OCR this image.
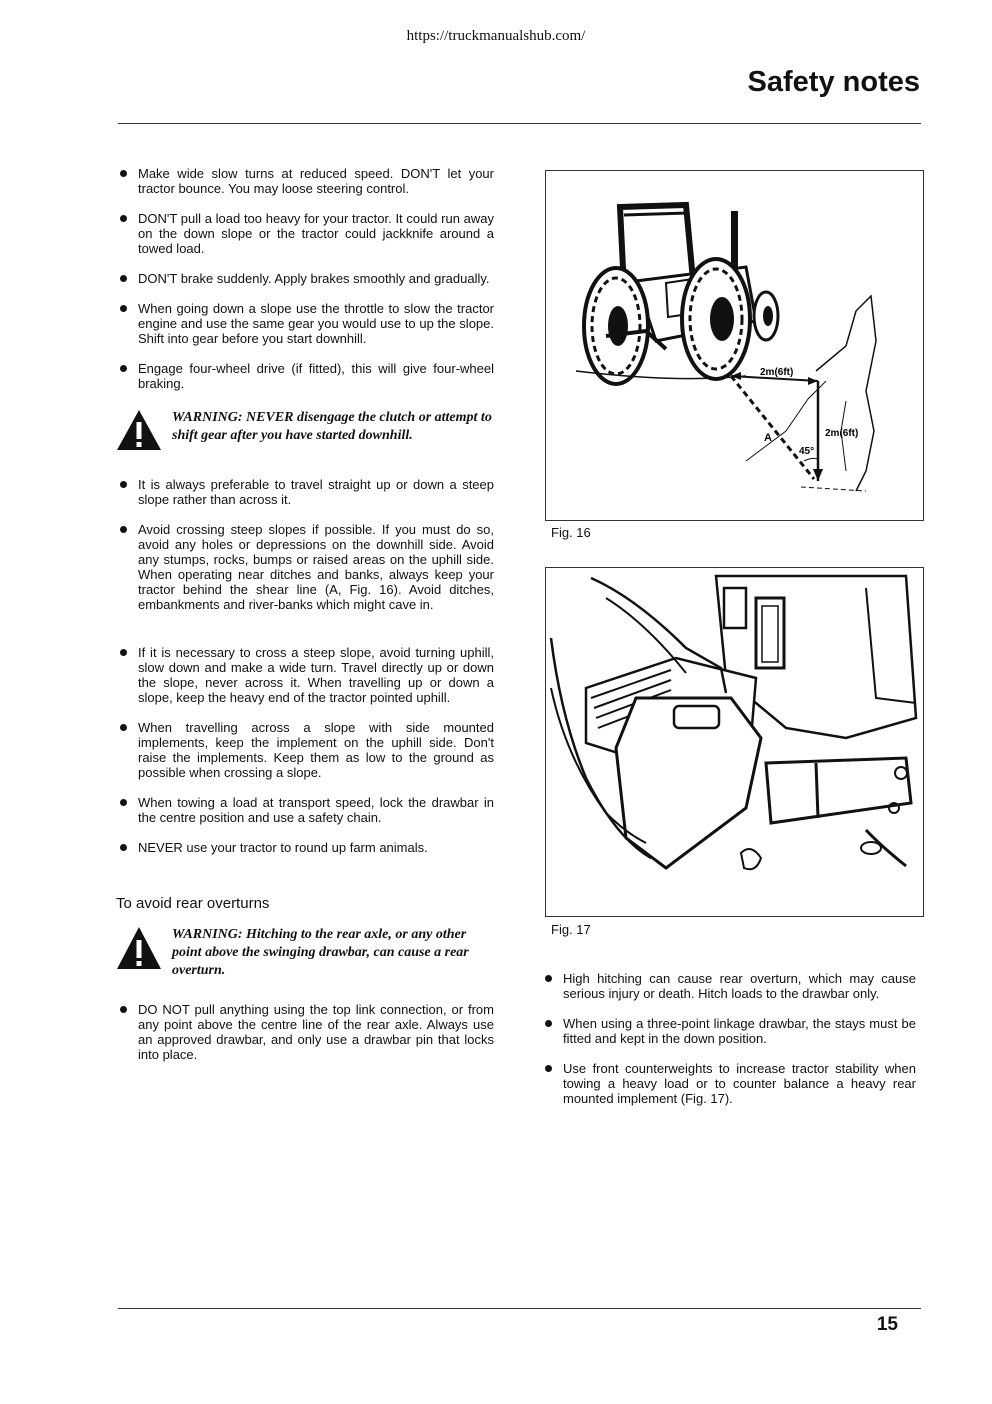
https://truckmanualshub.com/
Safety notes

Make wide slow turns at reduced speed. DON'T let your tractor bounce. You may loose steering control.

DON'T pull a load too heavy for your tractor. It could run away on the down slope or the tractor could jackknife around a towed load.

DON'T brake suddenly. Apply brakes smoothly and gradually.

When going down a slope use the throttle to slow the tractor engine and use the same gear you would use to up the slope. Shift into gear before you start downhill.

Engage four-wheel drive (if fitted), this will give four-wheel braking.

WARNING: NEVER disengage the clutch or attempt to shift gear after you have started downhill.

It is always preferable to travel straight up or down a steep slope rather than across it.

Avoid crossing steep slopes if possible. If you must do so, avoid any holes or depressions on the downhill side. Avoid any stumps, rocks, bumps or raised areas on the uphill side. When operating near ditches and banks, always keep your tractor behind the shear line (A, Fig. 16). Avoid ditches, embankments and river-banks which might cave in.

If it is necessary to cross a steep slope, avoid turning uphill, slow down and make a wide turn. Travel directly up or down the slope, never across it. When travelling up or down a slope, keep the heavy end of the tractor pointed uphill.

When travelling across a slope with side mounted implements, keep the implement on the uphill side. Don't raise the implements. Keep them as low to the ground as possible when crossing a slope.

When towing a load at transport speed, lock the drawbar in the centre position and use a safety chain.

NEVER use your tractor to round up farm animals.

To avoid rear overturns

WARNING: Hitching to the rear axle, or any other point above the swinging drawbar, can cause a rear overturn.

DO NOT pull anything using the top link connection, or from any point above the centre line of the rear axle. Always use an approved drawbar, and only use a drawbar pin that locks into place.

2m(6ft)
2m(6ft)
A
45°
Fig. 16
Fig. 17

High hitching can cause rear overturn, which may cause serious injury or death. Hitch loads to the drawbar only.

When using a three-point linkage drawbar, the stays must be fitted and kept in the down position.

Use front counterweights to increase tractor stability when towing a heavy load or to counter balance a heavy rear mounted implement (Fig. 17).

15
